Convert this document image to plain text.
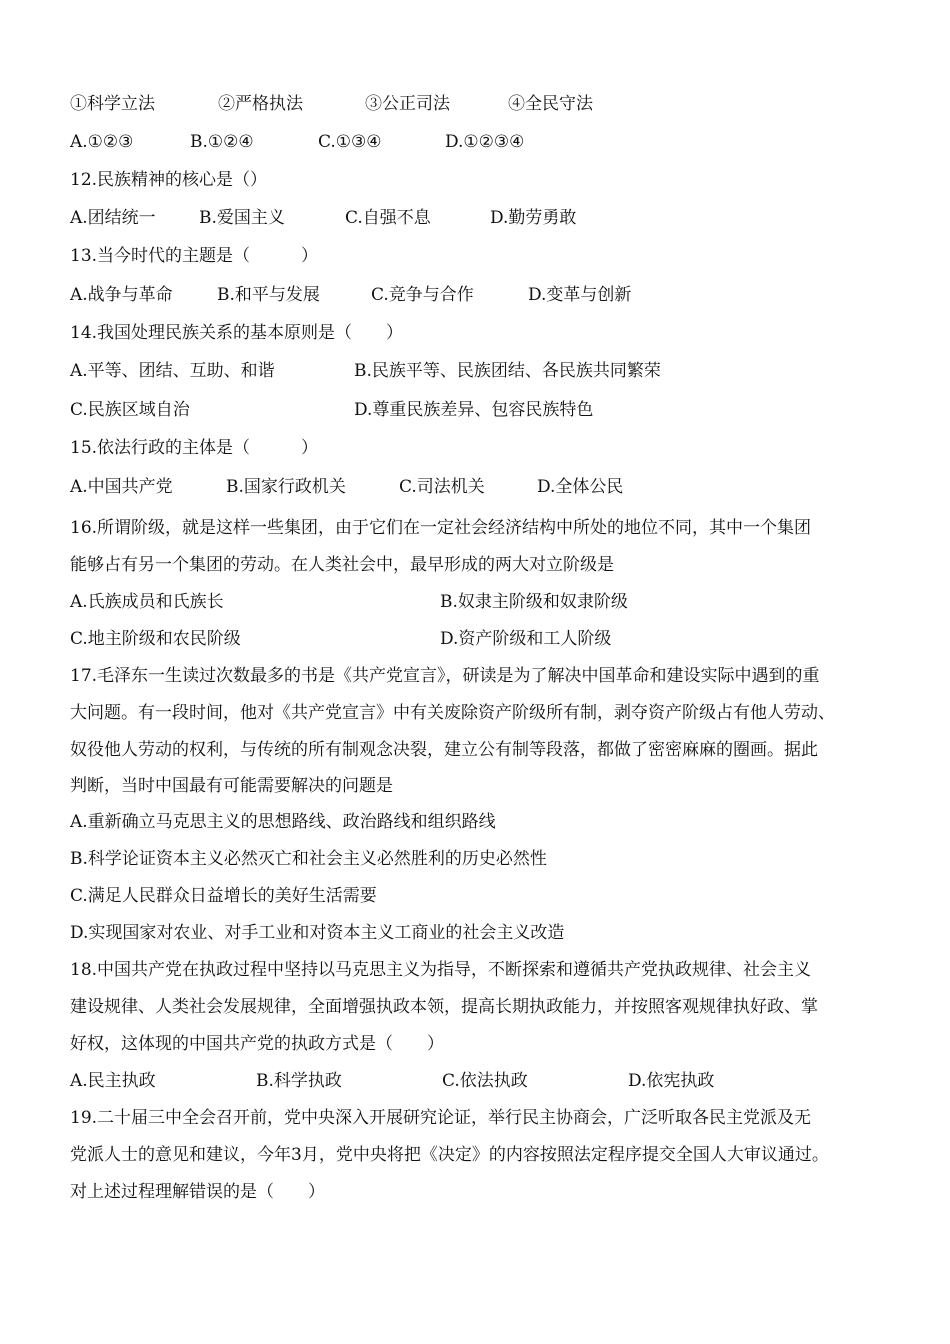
①科学立法	②严格执法	③公正司法	④全民守法
A.①②③	B.①②④	C.①③④	D.①②③④
12.民族精神的核心是（）
A.团结统一	B.爱国主义	C.自强不息	D.勤劳勇敢
13.当今时代的主题是（　　　）
A.战争与革命	B.和平与发展	C.竞争与合作	D.变革与创新
14.我国处理民族关系的基本原则是（　　）
A.平等、团结、互助、和谐	B.民族平等、民族团结、各民族共同繁荣
C.民族区域自治	D.尊重民族差异、包容民族特色
15.依法行政的主体是（　　　）
A.中国共产党	B.国家行政机关	C.司法机关	D.全体公民
16.所谓阶级，就是这样一些集团，由于它们在一定社会经济结构中所处的地位不同，其中一个集团
能够占有另一个集团的劳动。在人类社会中，最早形成的两大对立阶级是
A.氏族成员和氏族长	B.奴隶主阶级和奴隶阶级
C.地主阶级和农民阶级	D.资产阶级和工人阶级
17.毛泽东一生读过次数最多的书是《共产党宣言》，研读是为了解决中国革命和建设实际中遇到的重
大问题。有一段时间，他对《共产党宣言》中有关废除资产阶级所有制，剥夺资产阶级占有他人劳动、
奴役他人劳动的权利，与传统的所有制观念决裂，建立公有制等段落，都做了密密麻麻的圈画。据此
判断，当时中国最有可能需要解决的问题是
A.重新确立马克思主义的思想路线、政治路线和组织路线
B.科学论证资本主义必然灭亡和社会主义必然胜利的历史必然性
C.满足人民群众日益增长的美好生活需要
D.实现国家对农业、对手工业和对资本主义工商业的社会主义改造
18.中国共产党在执政过程中坚持以马克思主义为指导，不断探索和遵循共产党执政规律、社会主义
建设规律、人类社会发展规律，全面增强执政本领，提高长期执政能力，并按照客观规律执好政、掌
好权，这体现的中国共产党的执政方式是（　　）
A.民主执政	B.科学执政	C.依法执政	D.依宪执政
19.二十届三中全会召开前，党中央深入开展研究论证，举行民主协商会，广泛听取各民主党派及无
党派人士的意见和建议，今年3月，党中央将把《决定》的内容按照法定程序提交全国人大审议通过。
对上述过程理解错误的是（　　）
